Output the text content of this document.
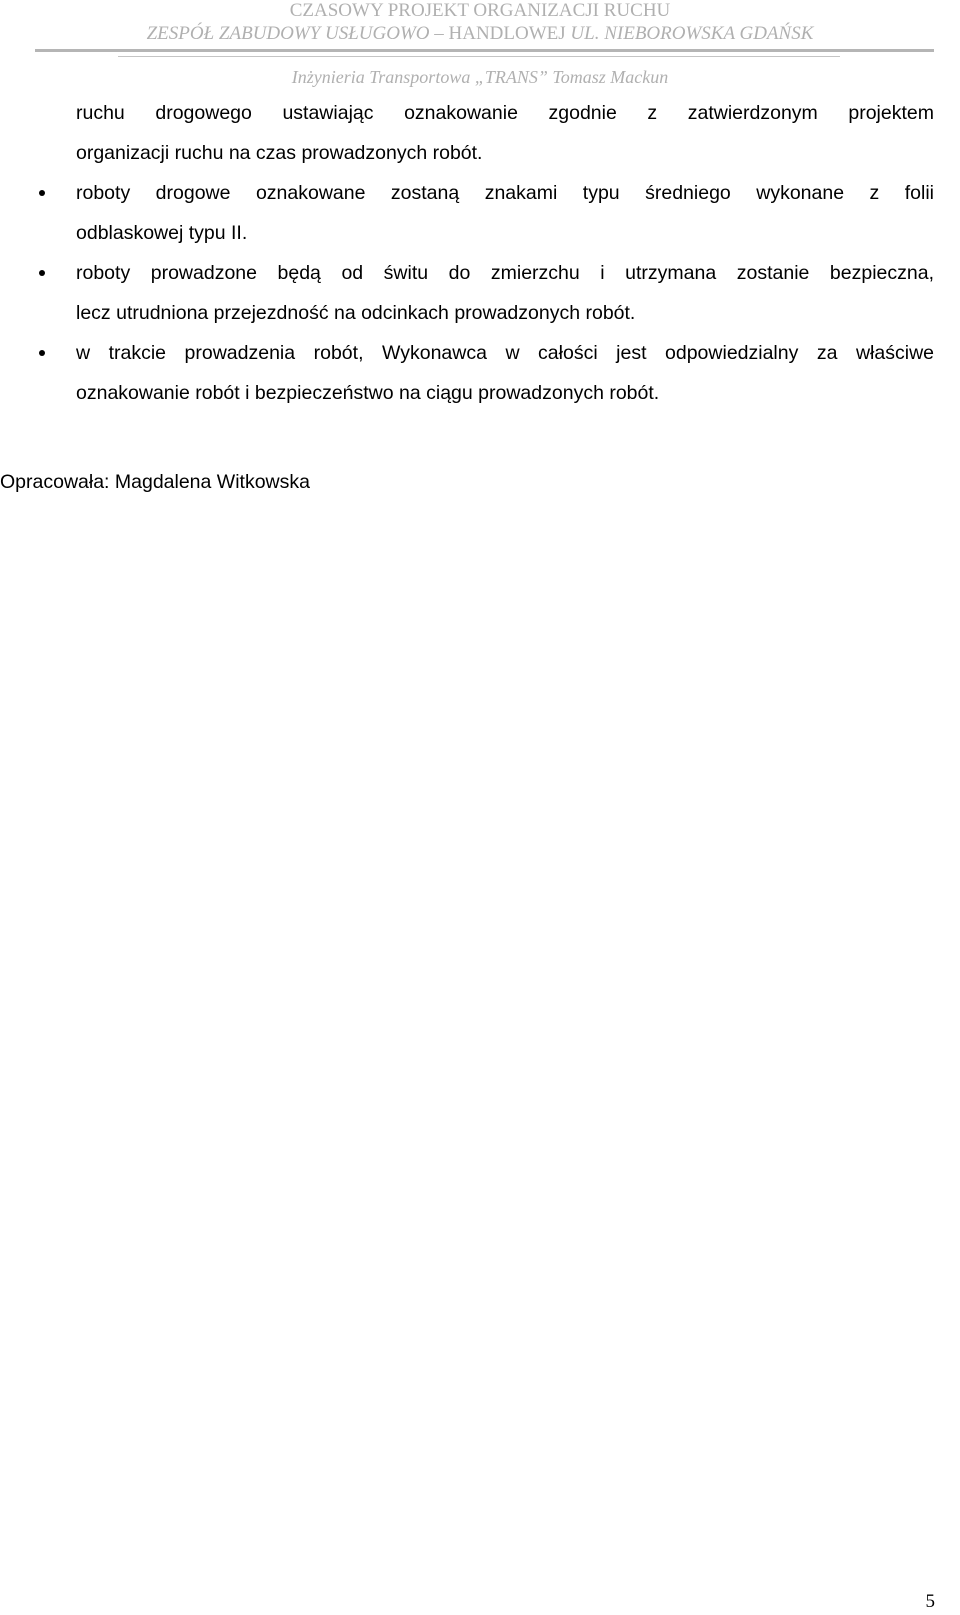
CZASOWY PROJEKT ORGANIZACJI RUCHU
ZESPÓŁ ZABUDOWY USŁUGOWO – HANDLOWEJ UL. NIEBOROWSKA GDAŃSK
Inżynieria Transportowa „TRANS” Tomasz Mackun
ruchu drogowego ustawiając oznakowanie zgodnie z zatwierdzonym projektem
organizacji ruchu na czas prowadzonych robót.
roboty drogowe oznakowane zostaną znakami typu średniego wykonane z folii
odblaskowej typu II.
roboty prowadzone będą od świtu do zmierzchu i utrzymana zostanie bezpieczna,
lecz utrudniona przejezdność na odcinkach prowadzonych robót.
w trakcie prowadzenia robót, Wykonawca w całości jest odpowiedzialny za właściwe
oznakowanie robót i bezpieczeństwo na ciągu prowadzonych robót.
Opracowała: Magdalena Witkowska
5
